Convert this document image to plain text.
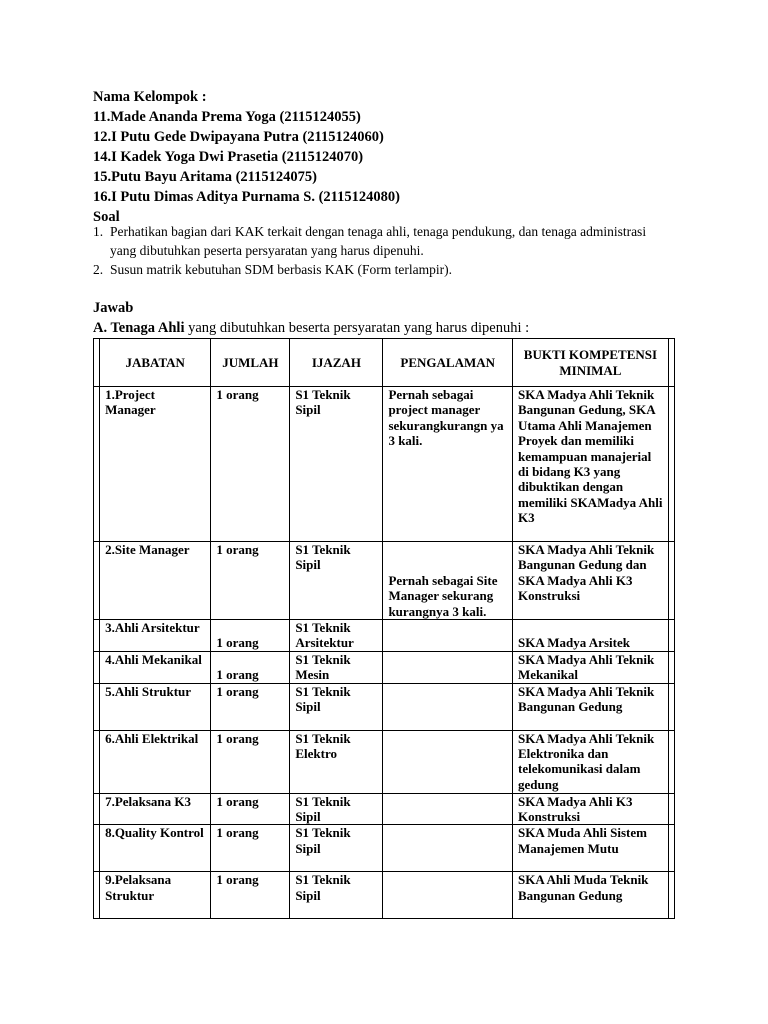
Nama Kelompok :
11.Made Ananda Prema Yoga (2115124055)
12.I Putu Gede Dwipayana Putra (2115124060)
14.I Kadek Yoga Dwi Prasetia (2115124070)
15.Putu Bayu Aritama (2115124075)
16.I Putu Dimas Aditya Purnama S. (2115124080)
Soal
1. Perhatikan bagian dari KAK terkait dengan tenaga ahli, tenaga pendukung, dan tenaga administrasi yang dibutuhkan peserta persyaratan yang harus dipenuhi.
2. Susun matrik kebutuhan SDM berbasis KAK (Form terlampir).
Jawab
A. Tenaga Ahli yang dibutuhkan beserta persyaratan yang harus dipenuhi :
	JABATAN	JUMLAH	IJAZAH	PENGALAMAN	BUKTI KOMPETENSI MINIMAL	
	1.Project Manager	1 orang	S1 Teknik Sipil	Pernah sebagai project manager sekurangkurangn ya 3 kali.	SKA Madya Ahli Teknik Bangunan Gedung, SKA Utama Ahli Manajemen Proyek dan memiliki kemampuan manajerial di bidang K3 yang dibuktikan dengan memiliki SKAMadya Ahli K3	
	2.Site Manager	1 orang	S1 Teknik Sipil	Pernah sebagai Site Manager sekurang kurangnya 3 kali.	SKA Madya Ahli Teknik Bangunan Gedung dan SKA Madya Ahli K3 Konstruksi	
	3.Ahli Arsitektur	1 orang	S1 Teknik Arsitektur		SKA Madya Arsitek	
	4.Ahli Mekanikal	1 orang	S1 Teknik Mesin		SKA Madya Ahli Teknik Mekanikal	
	5.Ahli Struktur	1 orang	S1 Teknik Sipil		SKA Madya Ahli Teknik Bangunan Gedung	
	6.Ahli Elektrikal	1 orang	S1 Teknik Elektro		SKA Madya Ahli Teknik Elektronika dan telekomunikasi dalam gedung	
	7.Pelaksana K3	1 orang	S1 Teknik Sipil		SKA Madya Ahli K3 Konstruksi	
	8.Quality Kontrol	1 orang	S1 Teknik Sipil		SKA Muda Ahli Sistem Manajemen Mutu	
	9.Pelaksana Struktur	1 orang	S1 Teknik Sipil		SKA Ahli Muda Teknik Bangunan Gedung	
